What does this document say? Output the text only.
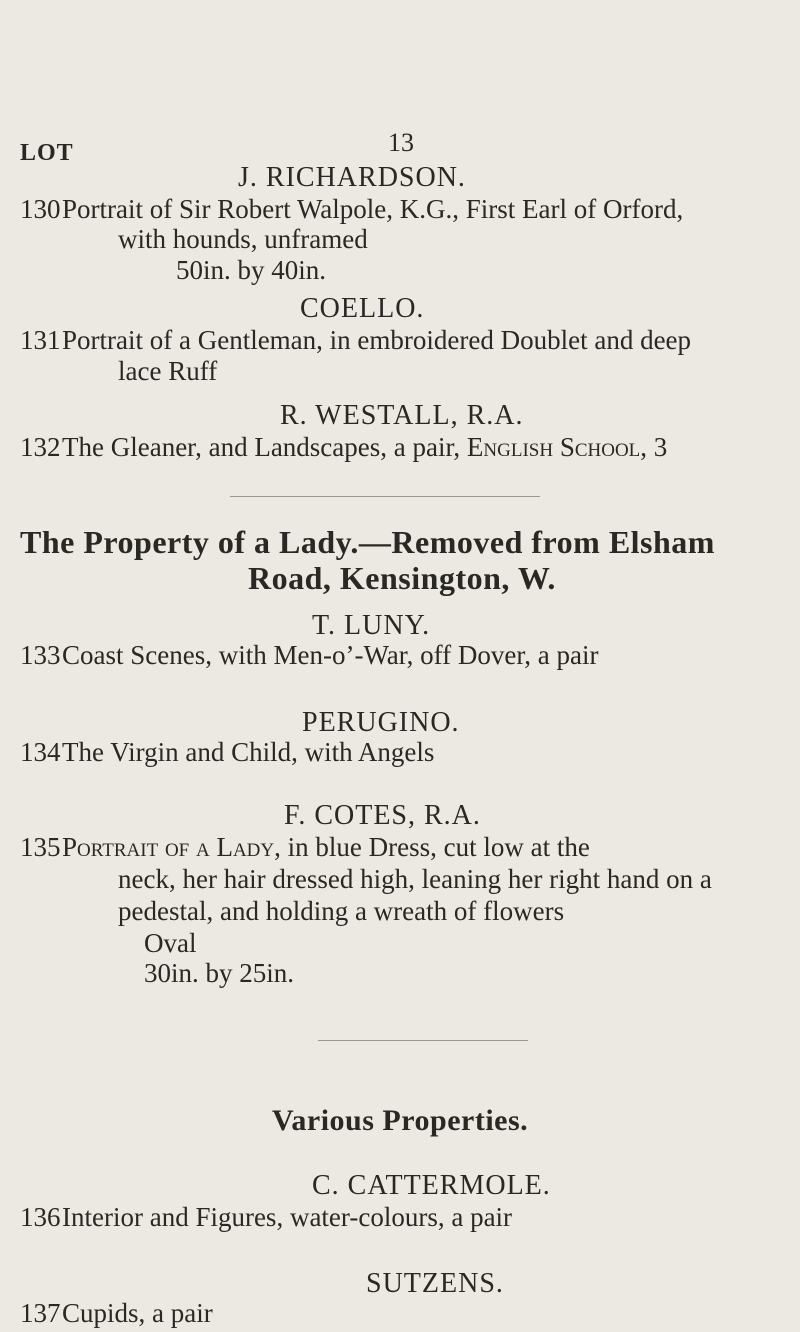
13
LOT
J. RICHARDSON.
130 Portrait of Sir Robert Walpole, K.G., First Earl of Orford,
with hounds, unframed
50in. by 40in.
COELLO.
131 Portrait of a Gentleman, in embroidered Doublet and deep
lace Ruff
R. WESTALL, R.A.
132 The Gleaner, and Landscapes, a pair, English School, 3
The Property of a Lady.—Removed from Elsham
Road, Kensington, W.
T. LUNY.
133 Coast Scenes, with Men-o’-War, off Dover, a pair
PERUGINO.
134 The Virgin and Child, with Angels
F. COTES, R.A.
135 Portrait of a Lady, in blue Dress, cut low at the
neck, her hair dressed high, leaning her right hand on a
pedestal, and holding a wreath of flowers
Oval
30in. by 25in.
Various Properties.
C. CATTERMOLE.
136 Interior and Figures, water-colours, a pair
SUTZENS.
137 Cupids, a pair
